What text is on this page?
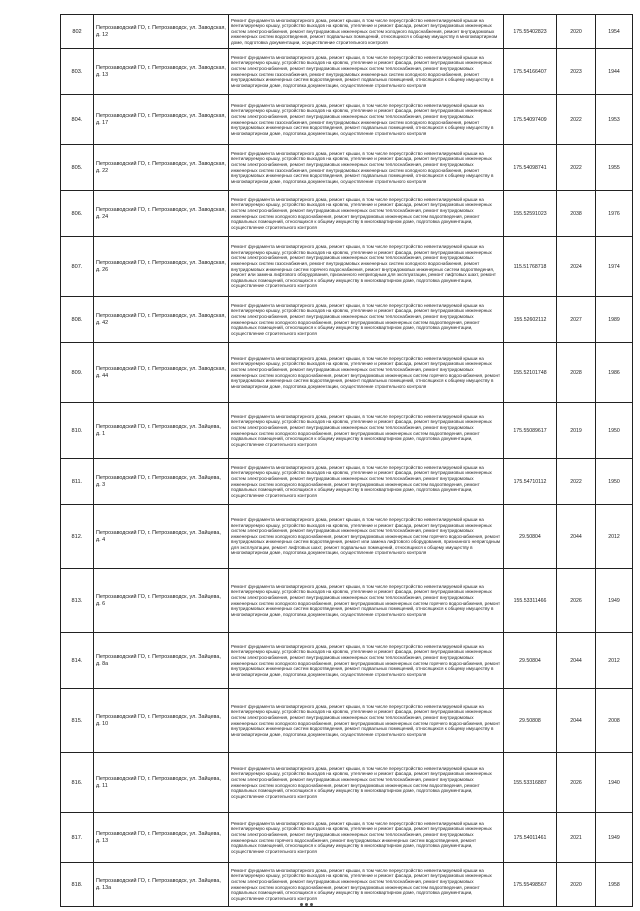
802	Петрозаводский ГО, г. Петрозаводск, ул. Заводская, д. 12	Ремонт фундамента многоквартирного дома, ремонт крыши, в том числе переустройство невентилируемой крыши на вентилируемую крышу, устройство выходов на кровлю, утепление и ремонт фасада, ремонт внутридомовых инженерных систем электроснабжения, ремонт внутридомовых инженерных систем холодного водоснабжения, ремонт внутридомовых инженерных систем водоотведения, ремонт подвальных помещений, относящихся к общему имуществу в многоквартирном доме, подготовка документации, осуществление строительного контроля	175.55402823	2020	1954
803.	Петрозаводский ГО, г. Петрозаводск, ул. Заводская, д. 13	Ремонт фундамента многоквартирного дома, ремонт крыши, в том числе переустройство невентилируемой крыши на вентилируемую крышу, устройство выходов на кровлю, утепление и ремонт фасада, ремонт внутридомовых инженерных систем электроснабжения, ремонт внутридомовых инженерных систем теплоснабжения, ремонт внутридомовых инженерных систем газоснабжения, ремонт внутридомовых инженерных систем холодного водоснабжения, ремонт внутридомовых инженерных систем водоотведения, ремонт подвальных помещений, относящихся к общему имуществу в многоквартирном доме, подготовка документации, осуществление строительного контроля	175.54166407	2023	1944
804.	Петрозаводский ГО, г. Петрозаводск, ул. Заводская, д. 17	Ремонт фундамента многоквартирного дома, ремонт крыши, в том числе переустройство невентилируемой крыши на вентилируемую крышу, устройство выходов на кровлю, утепление и ремонт фасада, ремонт внутридомовых инженерных систем электроснабжения, ремонт внутридомовых инженерных систем теплоснабжения, ремонт внутридомовых инженерных систем газоснабжения, ремонт внутридомовых инженерных систем холодного водоснабжения, ремонт внутридомовых инженерных систем водоотведения, ремонт подвальных помещений, относящихся к общему имуществу в многоквартирном доме, подготовка документации, осуществление строительного контроля	175.54097409	2022	1953
805.	Петрозаводский ГО, г. Петрозаводск, ул. Заводская, д. 22	Ремонт фундамента многоквартирного дома, ремонт крыши, в том числе переустройство невентилируемой крыши на вентилируемую крышу, устройство выходов на кровлю, утепление и ремонт фасада, ремонт внутридомовых инженерных систем электроснабжения, ремонт внутридомовых инженерных систем теплоснабжения, ремонт внутридомовых инженерных систем газоснабжения, ремонт внутридомовых инженерных систем холодного водоснабжения, ремонт внутридомовых инженерных систем водоотведения, ремонт подвальных помещений, относящихся к общему имуществу в многоквартирном доме, подготовка документации, осуществление строительного контроля	175.54098741	2022	1955
806.	Петрозаводский ГО, г. Петрозаводск, ул. Заводская, д. 24	Ремонт фундамента многоквартирного дома, ремонт крыши, в том числе переустройство невентилируемой крыши на вентилируемую крышу, устройство выходов на кровлю, утепление и ремонт фасада, ремонт внутридомовых инженерных систем электроснабжения, ремонт внутридомовых инженерных систем теплоснабжения, ремонт внутридомовых инженерных систем холодного водоснабжения, ремонт внутридомовых инженерных систем водоотведения, ремонт подвальных помещений, относящихся к общему имуществу в многоквартирном доме, подготовка документации, осуществление строительного контроля	155.52591023	2038	1976
807.	Петрозаводский ГО, г. Петрозаводск, ул. Заводская, д. 26	Ремонт фундамента многоквартирного дома, ремонт крыши, в том числе переустройство невентилируемой крыши на вентилируемую крышу, устройство выходов на кровлю, утепление и ремонт фасада, ремонт внутридомовых инженерных систем электроснабжения, ремонт внутридомовых инженерных систем теплоснабжения, ремонт внутридомовых инженерных систем газоснабжения, ремонт внутридомовых инженерных систем холодного водоснабжения, ремонт внутридомовых инженерных систем горячего водоснабжения, ремонт внутридомовых инженерных систем водоотведения, ремонт или замена лифтового оборудования, признанного непригодным для эксплуатации, ремонт лифтовых шахт, ремонт подвальных помещений, относящихся к общему имуществу в многоквартирном доме, подготовка документации, осуществление строительного контроля	115.51768718	2024	1974
808.	Петрозаводский ГО, г. Петрозаводск, ул. Заводская, д. 42	Ремонт фундамента многоквартирного дома, ремонт крыши, в том числе переустройство невентилируемой крыши на вентилируемую крышу, устройство выходов на кровлю, утепление и ремонт фасада, ремонт внутридомовых инженерных систем электроснабжения, ремонт внутридомовых инженерных систем теплоснабжения, ремонт внутридомовых инженерных систем холодного водоснабжения, ремонт внутридомовых инженерных систем водоотведения, ремонт подвальных помещений, относящихся к общему имуществу в многоквартирном доме, подготовка документации, осуществление строительного контроля	155.52602112	2027	1989
809.	Петрозаводский ГО, г. Петрозаводск, ул. Заводская, д. 44	Ремонт фундамента многоквартирного дома, ремонт крыши, в том числе переустройство невентилируемой крыши на вентилируемую крышу, устройство выходов на кровлю, утепление и ремонт фасада, ремонт внутридомовых инженерных систем электроснабжения, ремонт внутридомовых инженерных систем теплоснабжения, ремонт внутридомовых инженерных систем холодного водоснабжения, ремонт внутридомовых инженерных систем горячего водоснабжения, ремонт внутридомовых инженерных систем водоотведения, ремонт подвальных помещений, относящихся к общему имуществу в многоквартирном доме, подготовка документации, осуществление строительного контроля	155.52101748	2028	1986
810.	Петрозаводский ГО, г. Петрозаводск, ул. Зайцева, д. 1	Ремонт фундамента многоквартирного дома, ремонт крыши, в том числе переустройство невентилируемой крыши на вентилируемую крышу, устройство выходов на кровлю, утепление и ремонт фасада, ремонт внутридомовых инженерных систем электроснабжения, ремонт внутридомовых инженерных систем теплоснабжения, ремонт внутридомовых инженерных систем холодного водоснабжения, ремонт внутридомовых инженерных систем водоотведения, ремонт подвальных помещений, относящихся к общему имуществу в многоквартирном доме, подготовка документации, осуществление строительного контроля	175.55089617	2019	1950
811.	Петрозаводский ГО, г. Петрозаводск, ул. Зайцева, д. 3	Ремонт фундамента многоквартирного дома, ремонт крыши, в том числе переустройство невентилируемой крыши на вентилируемую крышу, устройство выходов на кровлю, утепление и ремонт фасада, ремонт внутридомовых инженерных систем электроснабжения, ремонт внутридомовых инженерных систем теплоснабжения, ремонт внутридомовых инженерных систем холодного водоснабжения, ремонт внутридомовых инженерных систем водоотведения, ремонт подвальных помещений, относящихся к общему имуществу в многоквартирном доме, подготовка документации, осуществление строительного контроля	175.54710112	2022	1950
812.	Петрозаводский ГО, г. Петрозаводск, ул. Зайцева, д. 4	Ремонт фундамента многоквартирного дома, ремонт крыши, в том числе переустройство невентилируемой крыши на вентилируемую крышу, устройство выходов на кровлю, утепление и ремонт фасада, ремонт внутридомовых инженерных систем электроснабжения, ремонт внутридомовых инженерных систем теплоснабжения, ремонт внутридомовых инженерных систем холодного водоснабжения, ремонт внутридомовых инженерных систем горячего водоснабжения, ремонт внутридомовых инженерных систем водоотведения, ремонт или замена лифтового оборудования, признанного непригодным для эксплуатации, ремонт лифтовых шахт, ремонт подвальных помещений, относящихся к общему имуществу в многоквартирном доме, подготовка документации, осуществление строительного контроля	29.50804	2044	2012
813.	Петрозаводский ГО, г. Петрозаводск, ул. Зайцева, д. 6	Ремонт фундамента многоквартирного дома, ремонт крыши, в том числе переустройство невентилируемой крыши на вентилируемую крышу, устройство выходов на кровлю, утепление и ремонт фасада, ремонт внутридомовых инженерных систем электроснабжения, ремонт внутридомовых инженерных систем теплоснабжения, ремонт внутридомовых инженерных систем холодного водоснабжения, ремонт внутридомовых инженерных систем горячего водоснабжения, ремонт внутридомовых инженерных систем водоотведения, ремонт подвальных помещений, относящихся к общему имуществу в многоквартирном доме, подготовка документации, осуществление строительного контроля	155.53311466	2026	1949
814.	Петрозаводский ГО, г. Петрозаводск, ул. Зайцева, д. 8а	Ремонт фундамента многоквартирного дома, ремонт крыши, в том числе переустройство невентилируемой крыши на вентилируемую крышу, устройство выходов на кровлю, утепление и ремонт фасада, ремонт внутридомовых инженерных систем электроснабжения, ремонт внутридомовых инженерных систем теплоснабжения, ремонт внутридомовых инженерных систем холодного водоснабжения, ремонт внутридомовых инженерных систем горячего водоснабжения, ремонт внутридомовых инженерных систем водоотведения, ремонт подвальных помещений, относящихся к общему имуществу в многоквартирном доме, подготовка документации, осуществление строительного контроля	29.50804	2044	2012
815.	Петрозаводский ГО, г. Петрозаводск, ул. Зайцева, д. 10	Ремонт фундамента многоквартирного дома, ремонт крыши, в том числе переустройство невентилируемой крыши на вентилируемую крышу, устройство выходов на кровлю, утепление и ремонт фасада, ремонт внутридомовых инженерных систем электроснабжения, ремонт внутридомовых инженерных систем теплоснабжения, ремонт внутридомовых инженерных систем холодного водоснабжения, ремонт внутридомовых инженерных систем горячего водоснабжения, ремонт внутридомовых инженерных систем водоотведения, ремонт подвальных помещений, относящихся к общему имуществу в многоквартирном доме, подготовка документации, осуществление строительного контроля	29.50808	2044	2008
816.	Петрозаводский ГО, г. Петрозаводск, ул. Зайцева, д. 11	Ремонт фундамента многоквартирного дома, ремонт крыши, в том числе переустройство невентилируемой крыши на вентилируемую крышу, устройство выходов на кровлю, утепление и ремонт фасада, ремонт внутридомовых инженерных систем электроснабжения, ремонт внутридомовых инженерных систем теплоснабжения, ремонт внутридомовых инженерных систем холодного водоснабжения, ремонт внутридомовых инженерных систем водоотведения, ремонт подвальных помещений, относящихся к общему имуществу в многоквартирном доме, подготовка документации, осуществление строительного контроля	155.53316887	2026	1940
817.	Петрозаводский ГО, г. Петрозаводск, ул. Зайцева, д. 13	Ремонт фундамента многоквартирного дома, ремонт крыши, в том числе переустройство невентилируемой крыши на вентилируемую крышу, устройство выходов на кровлю, утепление и ремонт фасада, ремонт внутридомовых инженерных систем электроснабжения, ремонт внутридомовых инженерных систем теплоснабжения, ремонт внутридомовых инженерных систем горячего водоснабжения, ремонт внутридомовых инженерных систем водоотведения, ремонт подвальных помещений, относящихся к общему имуществу в многоквартирном доме, подготовка документации, осуществление строительного контроля	175.54011461	2021	1949
818.	Петрозаводский ГО, г. Петрозаводск, ул. Зайцева, д. 13а	Ремонт фундамента многоквартирного дома, ремонт крыши, в том числе переустройство невентилируемой крыши на вентилируемую крышу, устройство выходов на кровлю, утепление и ремонт фасада, ремонт внутридомовых инженерных систем электроснабжения, ремонт внутридомовых инженерных систем теплоснабжения, ремонт внутридомовых инженерных систем холодного водоснабжения, ремонт внутридомовых инженерных систем водоотведения, ремонт подвальных помещений, относящихся к общему имуществу в многоквартирном доме, подготовка документации, осуществление строительного контроля	175.55498567	2020	1958
